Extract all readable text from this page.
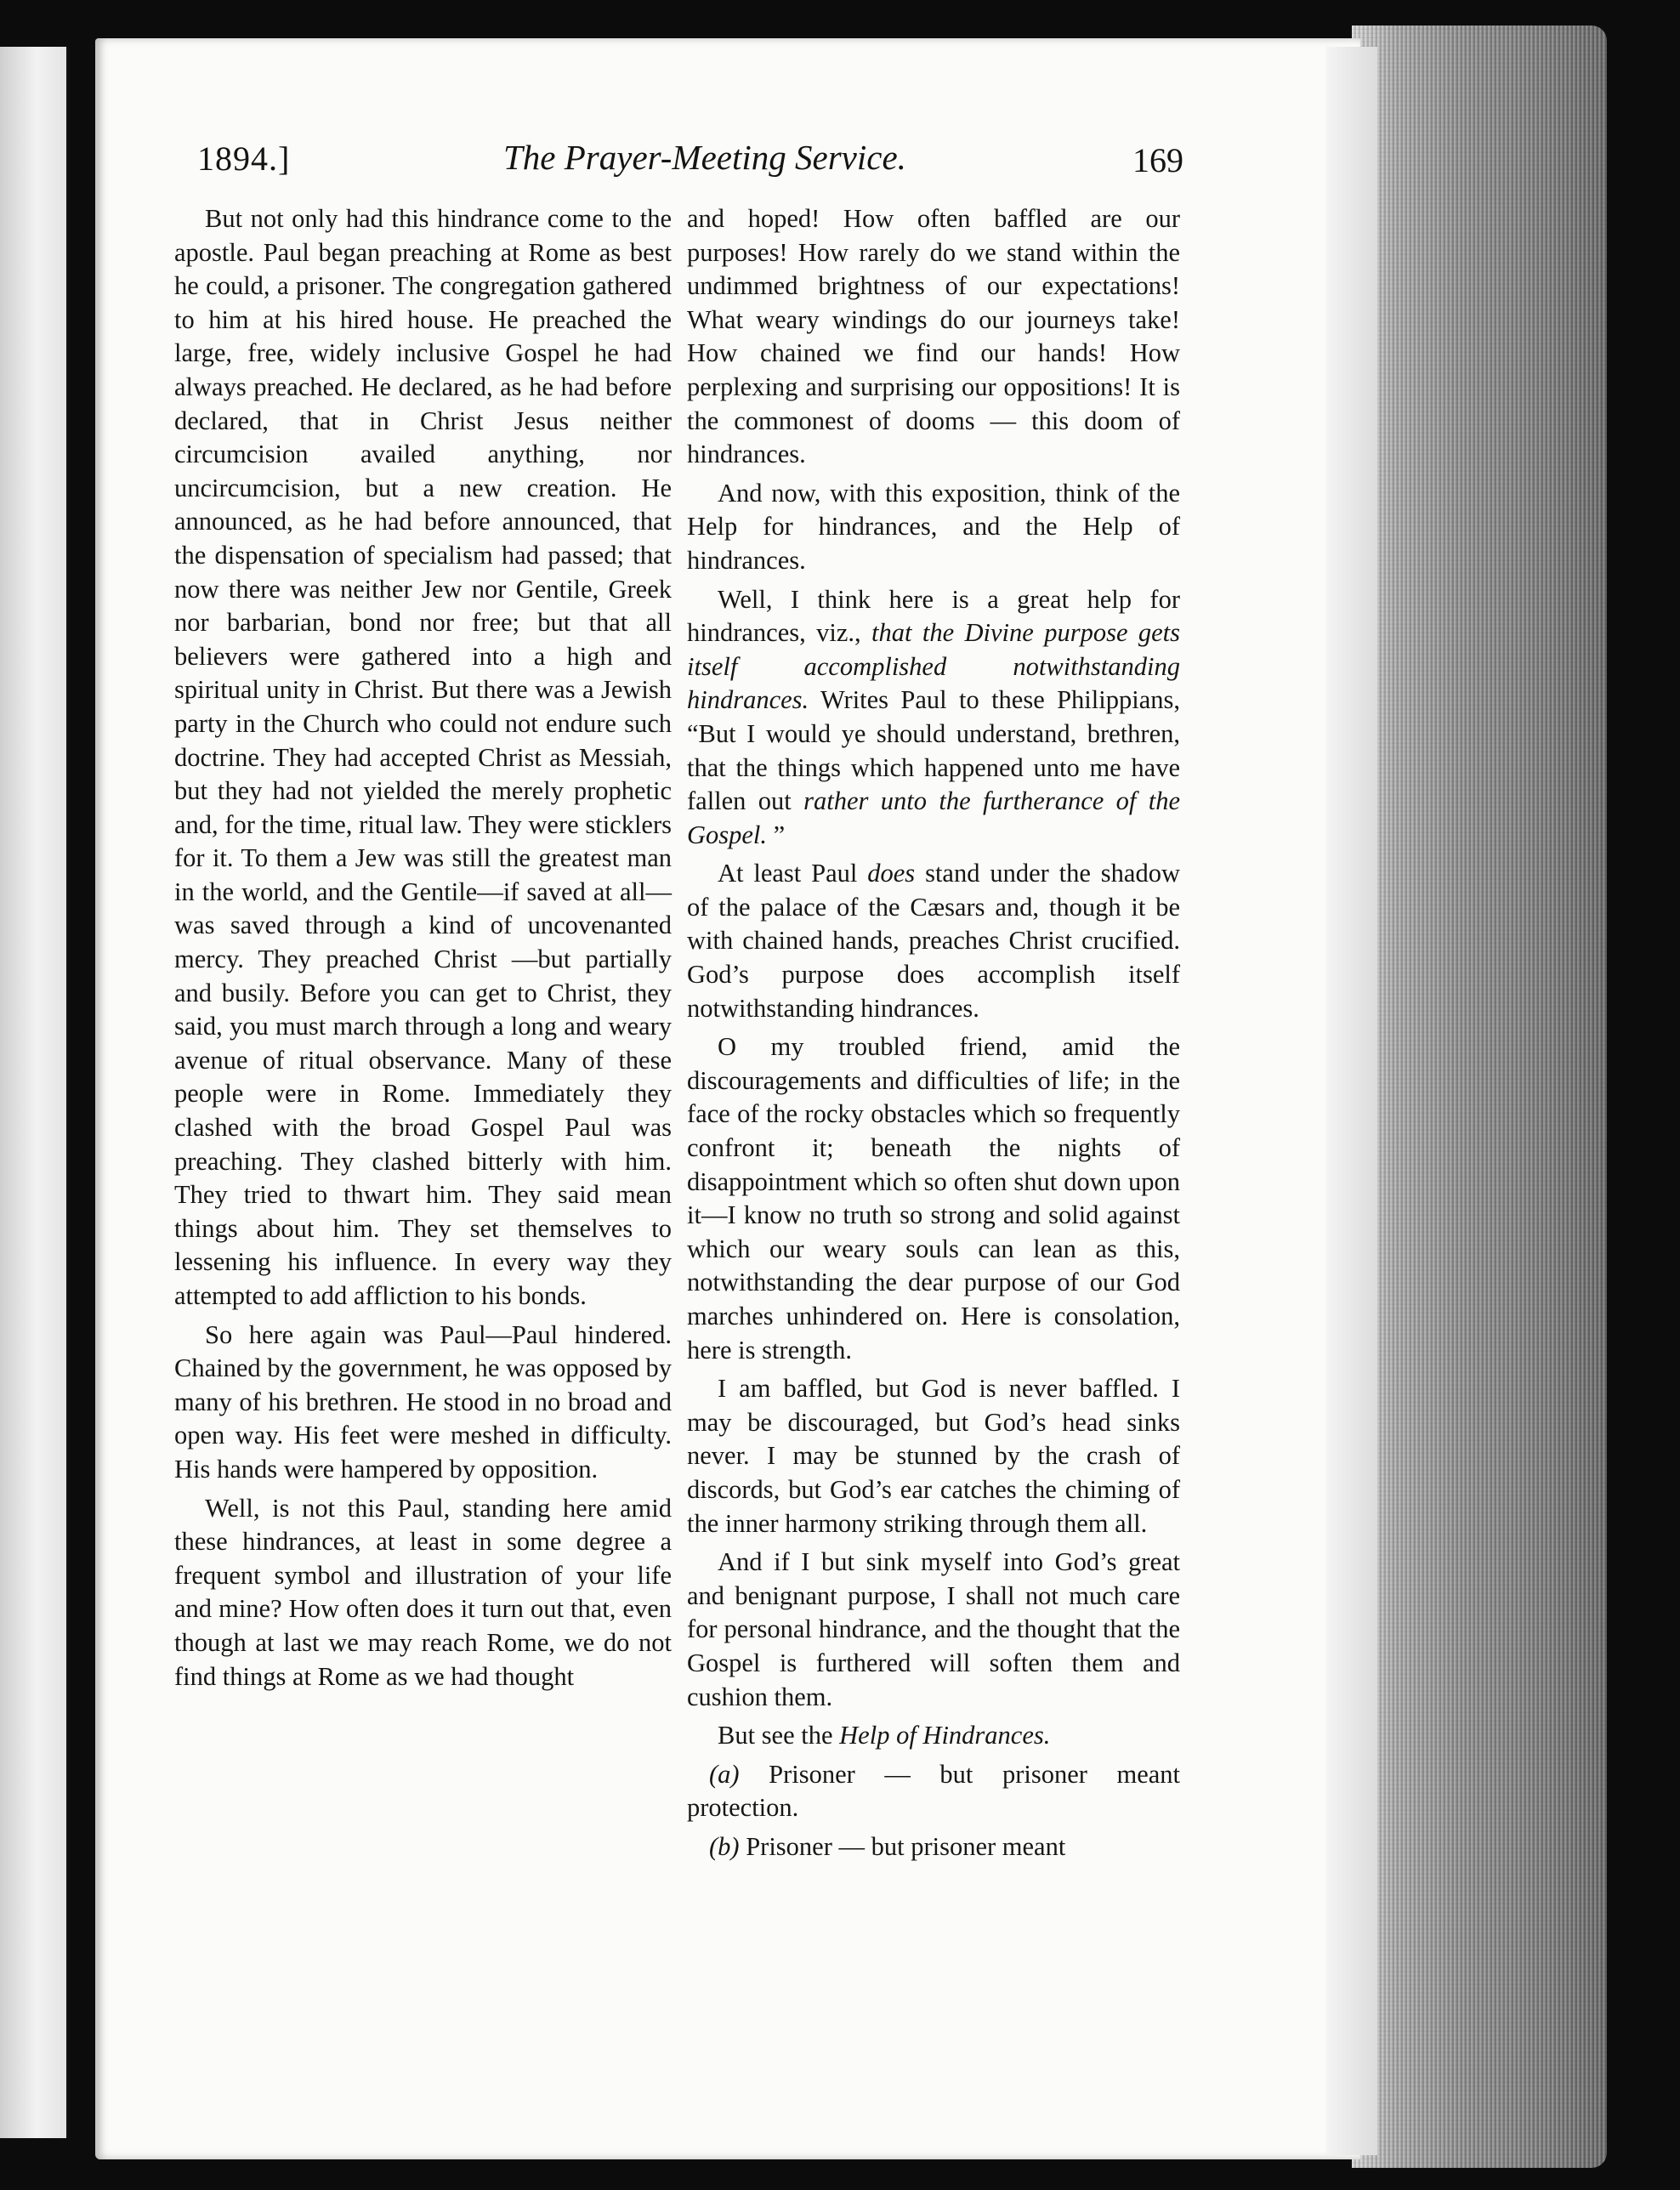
1894.]	The Prayer-Meeting Service.	169

But not only had this hindrance come to the apostle. Paul began preaching at Rome as best he could, a prisoner. The congregation gathered to him at his hired house. He preached the large, free, widely inclusive Gospel he had always preached. He declared, as he had before declared, that in Christ Jesus neither circumcision availed anything, nor uncircumcision, but a new creation. He announced, as he had before announced, that the dispensation of specialism had passed; that now there was neither Jew nor Gentile, Greek nor barbarian, bond nor free; but that all believers were gathered into a high and spiritual unity in Christ. But there was a Jewish party in the Church who could not endure such doctrine. They had accepted Christ as Messiah, but they had not yielded the merely prophetic and, for the time, ritual law. They were sticklers for it. To them a Jew was still the greatest man in the world, and the Gentile—if saved at all—was saved through a kind of uncovenanted mercy. They preached Christ —but partially and busily. Before you can get to Christ, they said, you must march through a long and weary avenue of ritual observance. Many of these people were in Rome. Immediately they clashed with the broad Gospel Paul was preaching. They clashed bitterly with him. They tried to thwart him. They said mean things about him. They set themselves to lessening his influence. In every way they attempted to add affliction to his bonds.

So here again was Paul—Paul hindered. Chained by the government, he was opposed by many of his brethren. He stood in no broad and open way. His feet were meshed in difficulty. His hands were hampered by opposition.

Well, is not this Paul, standing here amid these hindrances, at least in some degree a frequent symbol and illustration of your life and mine? How often does it turn out that, even though at last we may reach Rome, we do not find things at Rome as we had thought

and hoped! How often baffled are our purposes! How rarely do we stand within the undimmed brightness of our expectations! What weary windings do our journeys take! How chained we find our hands! How perplexing and surprising our oppositions! It is the commonest of dooms — this doom of hindrances.

And now, with this exposition, think of the Help for hindrances, and the Help of hindrances.

Well, I think here is a great help for hindrances, viz., that the Divine purpose gets itself accomplished notwithstanding hindrances. Writes Paul to these Philippians, “But I would ye should understand, brethren, that the things which happened unto me have fallen out rather unto the furtherance of the Gospel. ”

At least Paul does stand under the shadow of the palace of the Cæsars and, though it be with chained hands, preaches Christ crucified. God’s purpose does accomplish itself notwithstanding hindrances.

O my troubled friend, amid the discouragements and difficulties of life; in the face of the rocky obstacles which so frequently confront it; beneath the nights of disappointment which so often shut down upon it—I know no truth so strong and solid against which our weary souls can lean as this, notwithstanding the dear purpose of our God marches unhindered on. Here is consolation, here is strength.

I am baffled, but God is never baffled. I may be discouraged, but God’s head sinks never. I may be stunned by the crash of discords, but God’s ear catches the chiming of the inner harmony striking through them all.

And if I but sink myself into God’s great and benignant purpose, I shall not much care for personal hindrance, and the thought that the Gospel is furthered will soften them and cushion them.

But see the Help of Hindrances.

(a) Prisoner — but prisoner meant protection.

(b) Prisoner — but prisoner meant
